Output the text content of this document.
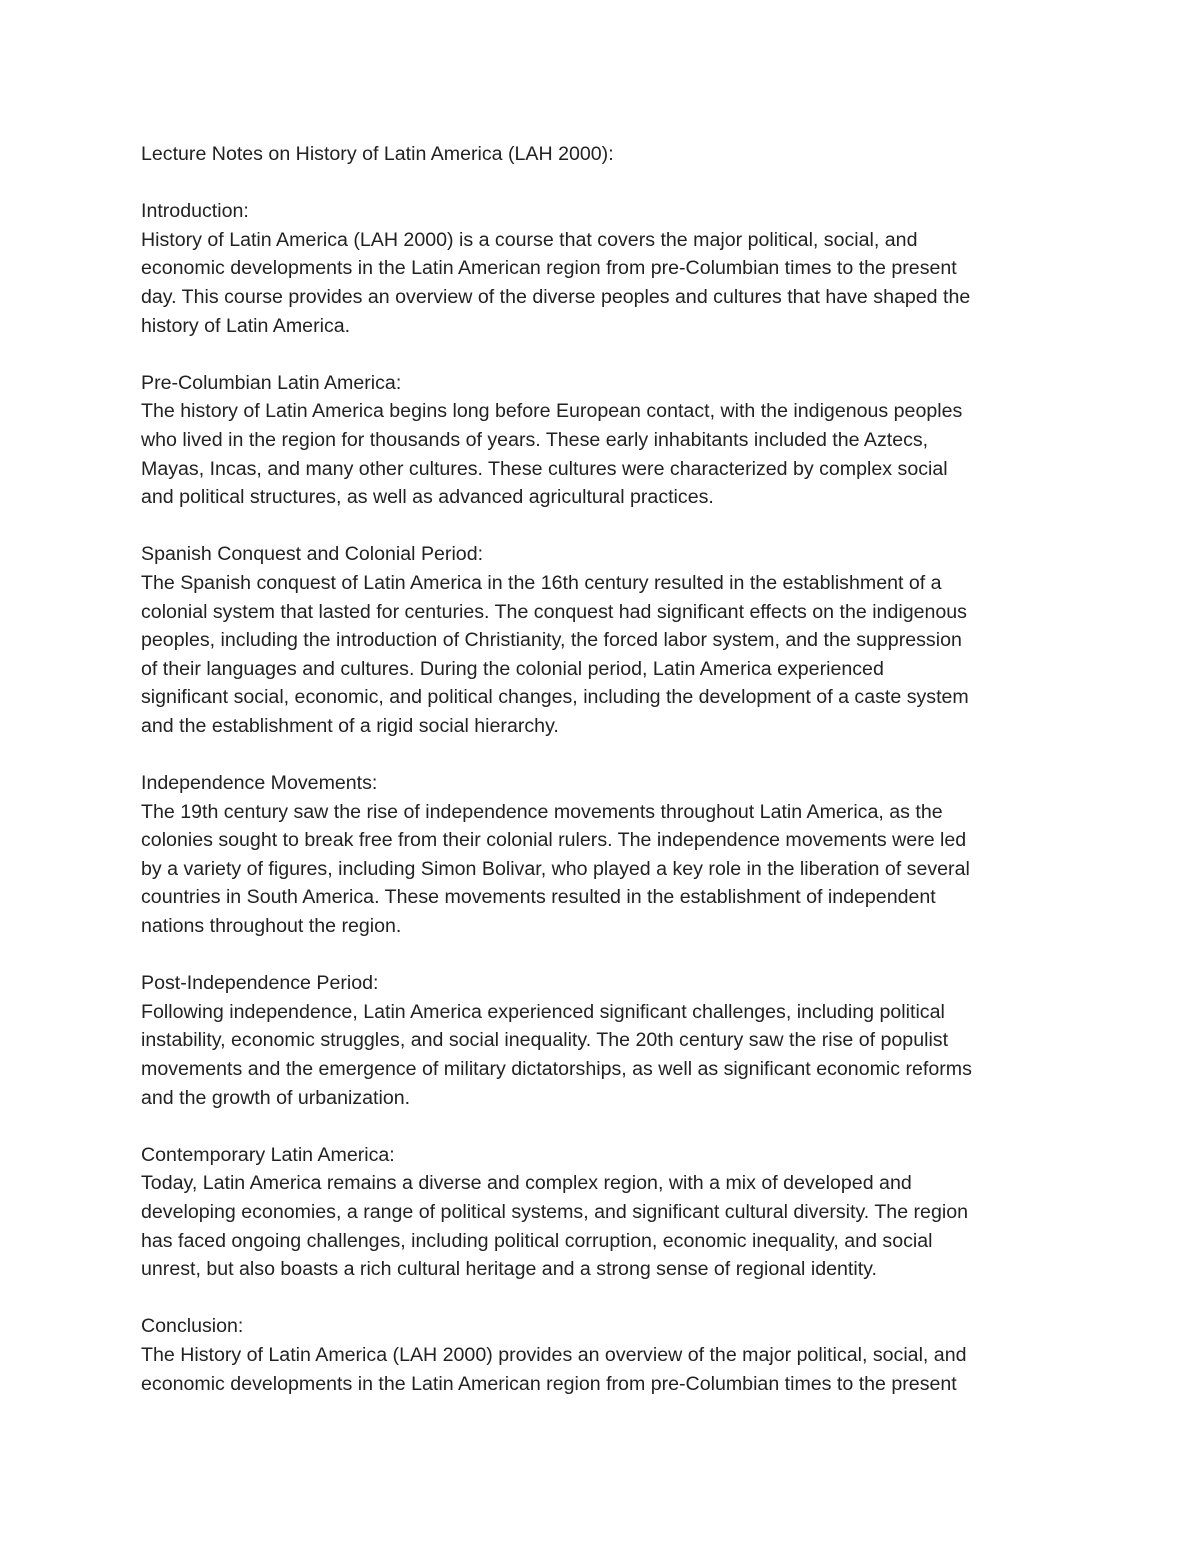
Lecture Notes on History of Latin America (LAH 2000):
Introduction:
History of Latin America (LAH 2000) is a course that covers the major political, social, and
economic developments in the Latin American region from pre-Columbian times to the present
day. This course provides an overview of the diverse peoples and cultures that have shaped the
history of Latin America.
Pre-Columbian Latin America:
The history of Latin America begins long before European contact, with the indigenous peoples
who lived in the region for thousands of years. These early inhabitants included the Aztecs,
Mayas, Incas, and many other cultures. These cultures were characterized by complex social
and political structures, as well as advanced agricultural practices.
Spanish Conquest and Colonial Period:
The Spanish conquest of Latin America in the 16th century resulted in the establishment of a
colonial system that lasted for centuries. The conquest had significant effects on the indigenous
peoples, including the introduction of Christianity, the forced labor system, and the suppression
of their languages and cultures. During the colonial period, Latin America experienced
significant social, economic, and political changes, including the development of a caste system
and the establishment of a rigid social hierarchy.
Independence Movements:
The 19th century saw the rise of independence movements throughout Latin America, as the
colonies sought to break free from their colonial rulers. The independence movements were led
by a variety of figures, including Simon Bolivar, who played a key role in the liberation of several
countries in South America. These movements resulted in the establishment of independent
nations throughout the region.
Post-Independence Period:
Following independence, Latin America experienced significant challenges, including political
instability, economic struggles, and social inequality. The 20th century saw the rise of populist
movements and the emergence of military dictatorships, as well as significant economic reforms
and the growth of urbanization.
Contemporary Latin America:
Today, Latin America remains a diverse and complex region, with a mix of developed and
developing economies, a range of political systems, and significant cultural diversity. The region
has faced ongoing challenges, including political corruption, economic inequality, and social
unrest, but also boasts a rich cultural heritage and a strong sense of regional identity.
Conclusion:
The History of Latin America (LAH 2000) provides an overview of the major political, social, and
economic developments in the Latin American region from pre-Columbian times to the present
